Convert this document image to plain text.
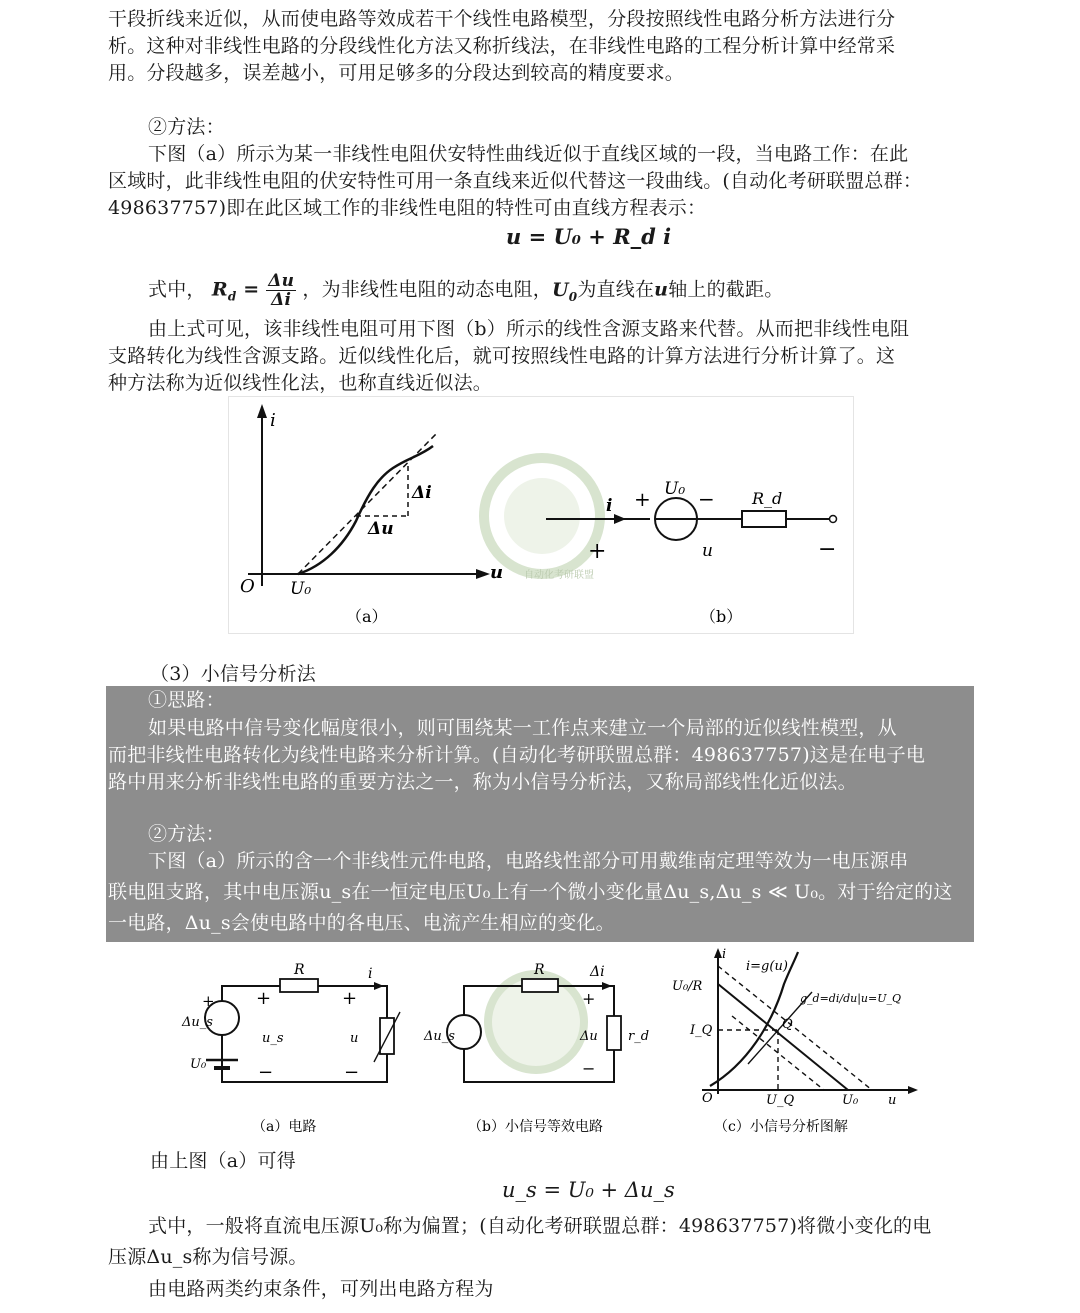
干段折线来近似，从而使电路等效成若干个线性电路模型，分段按照线性电路分析方法进行分
析。这种对非线性电路的分段线性化方法又称折线法，在非线性电路的工程分析计算中经常采
用。分段越多，误差越小，可用足够多的分段达到较高的精度要求。
②方法：
下图（a）所示为某一非线性电阻伏安特性曲线近似于直线区域的一段，当电路工作：在此
区域时，此非线性电阻的伏安特性可用一条直线来近似代替这一段曲线。(自动化考研联盟总群：
498637757)即在此区域工作的非线性电阻的特性可由直线方程表示：
u = U₀ + R_d i
式中， $R_d = \frac{\Delta u}{\Delta i}$ ，为非线性电阻的动态电阻，$U_0$为直线在u轴上的截距。
由上式可见，该非线性电阻可用下图（b）所示的线性含源支路来代替。从而把非线性电阻
支路转化为线性含源支路。近似线性化后，就可按照线性电路的计算方法进行分析计算了。这
种方法称为近似线性化法，也称直线近似法。
i
u
O U₀
Δi
Δu
（a）
自动化考研联盟
i + U₀ − R_d
+	u	−
（b）
（3）小信号分析法
①思路：
如果电路中信号变化幅度很小，则可围绕某一工作点来建立一个局部的近似线性模型，从
而把非线性电路转化为线性电路来分析计算。(自动化考研联盟总群：498637757)这是在电子电
路中用来分析非线性电路的重要方法之一，称为小信号分析法，又称局部线性化近似法。
②方法：
下图（a）所示的含一个非线性元件电路，电路线性部分可用戴维南定理等效为一电压源串
联电阻支路，其中电压源u_s在一恒定电压U₀上有一个微小变化量Δu_s,Δu_s ≪ U₀。对于给定的这
一电路，Δu_s会使电路中的各电压、电流产生相应的变化。
R	i
Δu_s
u_s	u
U₀
+	+
+
−	−
（a）电路
R	Δi
Δu_s	Δu r_d
+
−
（b）小信号等效电路
i
i=g(u)
U₀/R
I_Q	Q
g_d=di/du|u=U_Q
O	U_Q	U₀ u
（c）小信号分析图解
由上图（a）可得
u_s = U₀ + Δu_s
式中，一般将直流电压源U₀称为偏置；(自动化考研联盟总群：498637757)将微小变化的电
压源Δu_s称为信号源。
由电路两类约束条件，可列出电路方程为
